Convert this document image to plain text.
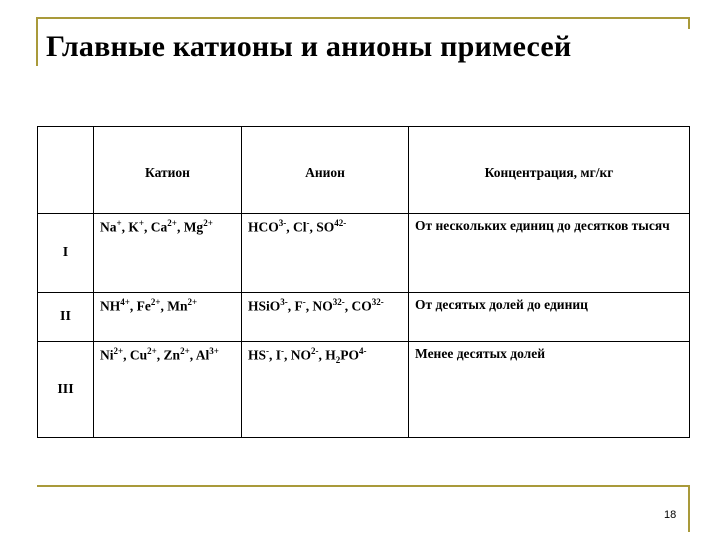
Главные катионы и анионы примесей

	Катион	Анион	Концентрация, мг/кг

I	Na+, K+, $Ca^{2+}$, $Mg^{2+}$	$HCO^{3-}$, Cl-, $SO^{42-}$	От нескольких единиц до десятков тысяч

II	$NH^{4+}$, $Fe^{2+}$, $Mn^{2+}$	HSiO$^{3-}$, F-, $NO^{32-}$, $CO^{32-}$	От десятых долей до единиц

III	$Ni^{2+}$, $Cu^{2+}$, $Zn^{2+}$, $Al^{3+}$	HS-, I-, $NO^{2-}$, $H_2PO^{4-}$	Менее десятых долей
18
